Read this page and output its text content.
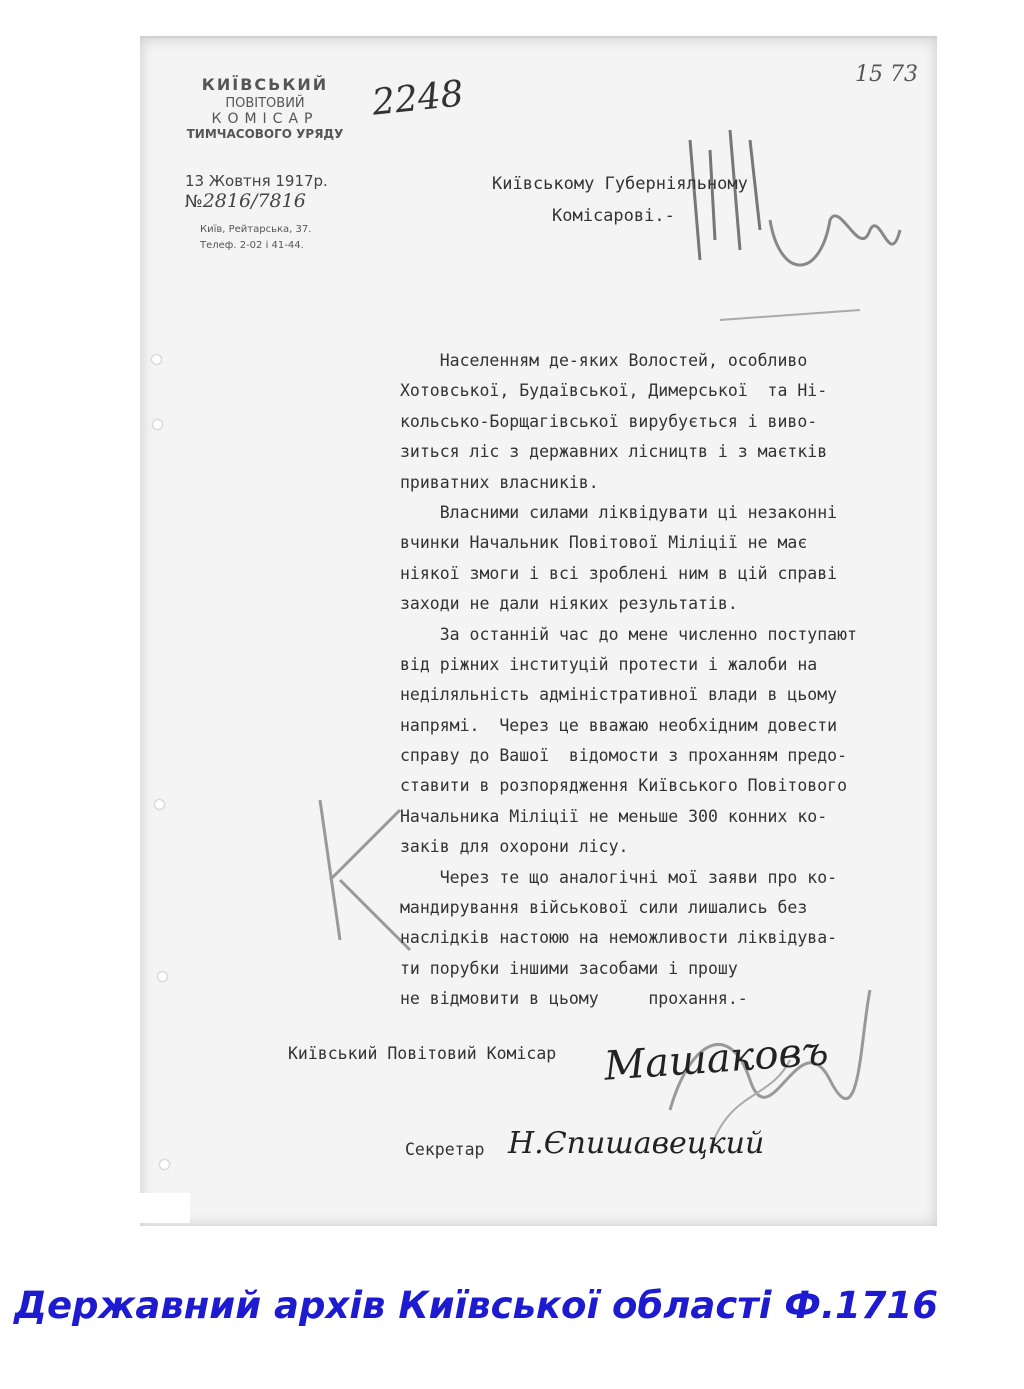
КИЇВСЬКИЙ
ПОВІТОВИЙ
КОМІСАР
ТИМЧАСОВОГО УРЯДУ
13 Жовтня 1917р.
№2816/7816
Київ, Рейтарська, 37.
Телеф. 2-02 і 41-44.
2248	15 73
Київському Губерніяльному
Комісарові.-
Населенням де-яких Волостей, особливо
Хотовської, Будаївської, Димерської  та Ні-
кольсько-Борщагівської вирубується і виво-
зиться ліс з державних лісництв і з маєтків
приватних власників.
Власними силами ліквідувати ці незаконні
вчинки Начальник Повітової Міліції не має
ніякої змоги і всі зроблені ним в цій справі
заходи не дали ніяких результатів.
За останній час до мене численно поступают
від ріжних інституцій протести і жалоби на
неділяльність адміністративної влади в цьому
напрямі.  Через це вважаю необхідним довести
справу до Вашої  відомости з проханням предо-
ставити в розпорядження Київського Повітового
Начальника Міліції не меньше 300 конних ко-
заків для охорони лісу.
Через те що аналогічні мої заяви про ко-
мандирування військової сили лишались без
наслідків настоюю на неможливости ліквідува-
ти порубки іншими засобами і прошу
не відмовити в цьому     прохання.-
Київський Повітовий Комісар Машаковъ
Секретар Н.Єпишавецкий
Державний архів Київської області Ф.1716
